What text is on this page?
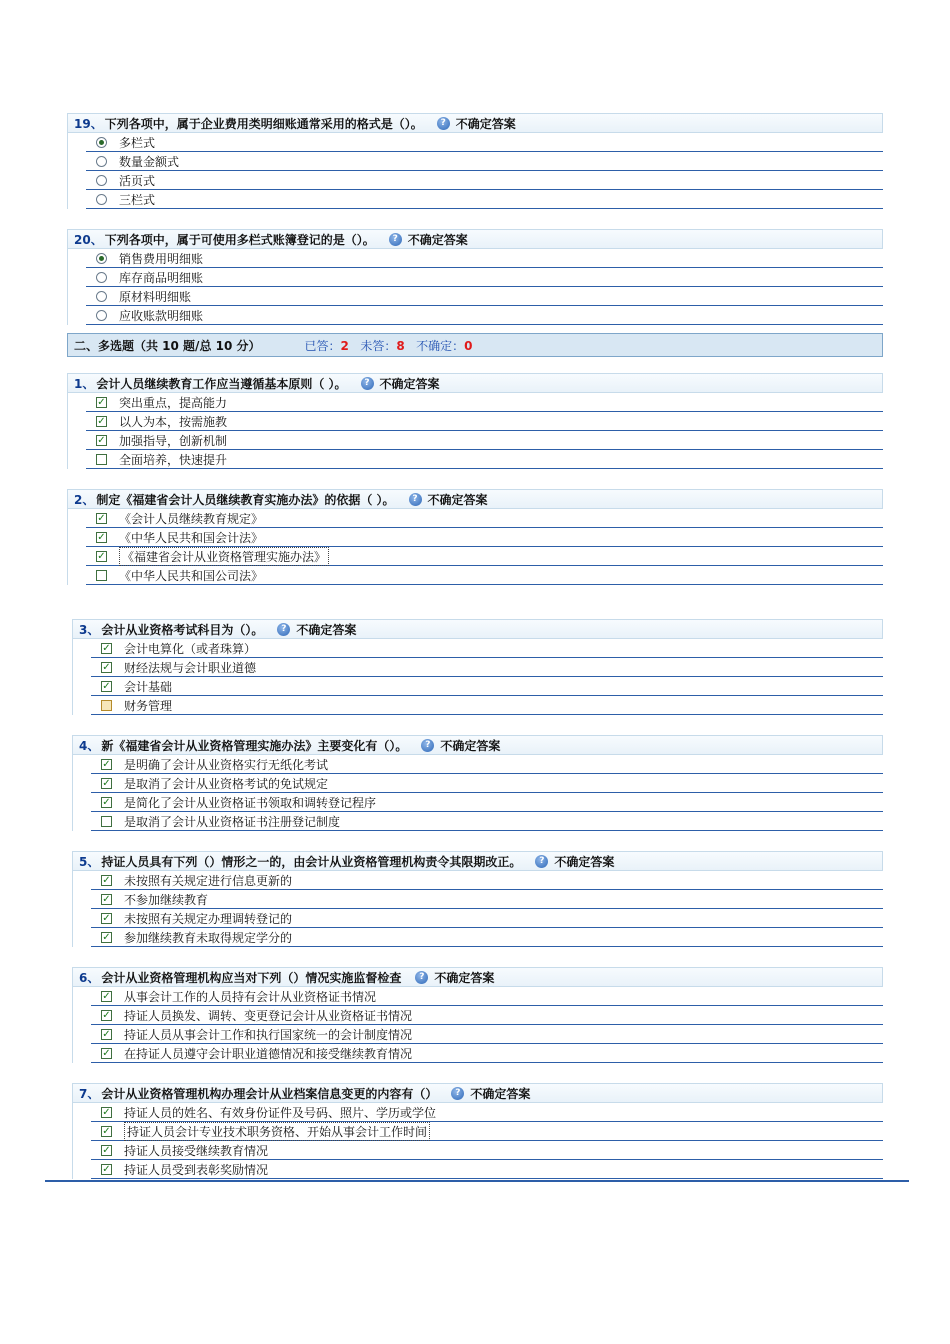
19、 下列各项中，属于企业费用类明细账通常采用的格式是（）。	? 不确定答案
多栏式
数量金额式
活页式
三栏式
20、 下列各项中，属于可使用多栏式账簿登记的是（）。	? 不确定答案
销售费用明细账
库存商品明细账
原材料明细账
应收账款明细账
二、多选题（共 10 题/总 10 分）	已答：2 未答：8 不确定：0
1、 会计人员继续教育工作应当遵循基本原则（ ）。	? 不确定答案
✓ 突出重点，提高能力
✓ 以人为本，按需施教
✓ 加强指导，创新机制
全面培养，快速提升
2、 制定《福建省会计人员继续教育实施办法》的依据（ ）。	? 不确定答案
✓ 《会计人员继续教育规定》
✓ 《中华人民共和国会计法》
✓ 《福建省会计从业资格管理实施办法》
《中华人民共和国公司法》
3、 会计从业资格考试科目为（）。	? 不确定答案
✓ 会计电算化（或者珠算）
✓ 财经法规与会计职业道德
✓ 会计基础
财务管理
4、 新《福建省会计从业资格管理实施办法》主要变化有（）。	? 不确定答案
✓ 是明确了会计从业资格实行无纸化考试
✓ 是取消了会计从业资格考试的免试规定
✓ 是简化了会计从业资格证书领取和调转登记程序
是取消了会计从业资格证书注册登记制度
5、 持证人员具有下列（）情形之一的，由会计从业资格管理机构责令其限期改正。	? 不确定答案
✓ 未按照有关规定进行信息更新的
✓ 不参加继续教育
✓ 未按照有关规定办理调转登记的
✓ 参加继续教育未取得规定学分的
6、 会计从业资格管理机构应当对下列（）情况实施监督检查	? 不确定答案
✓ 从事会计工作的人员持有会计从业资格证书情况
✓ 持证人员换发、调转、变更登记会计从业资格证书情况
✓ 持证人员从事会计工作和执行国家统一的会计制度情况
✓ 在持证人员遵守会计职业道德情况和接受继续教育情况
7、 会计从业资格管理机构办理会计从业档案信息变更的内容有（）	? 不确定答案
✓ 持证人员的姓名、有效身份证件及号码、照片、学历或学位
✓ 持证人员会计专业技术职务资格、开始从事会计工作时间
✓ 持证人员接受继续教育情况
✓ 持证人员受到表彰奖励情况
